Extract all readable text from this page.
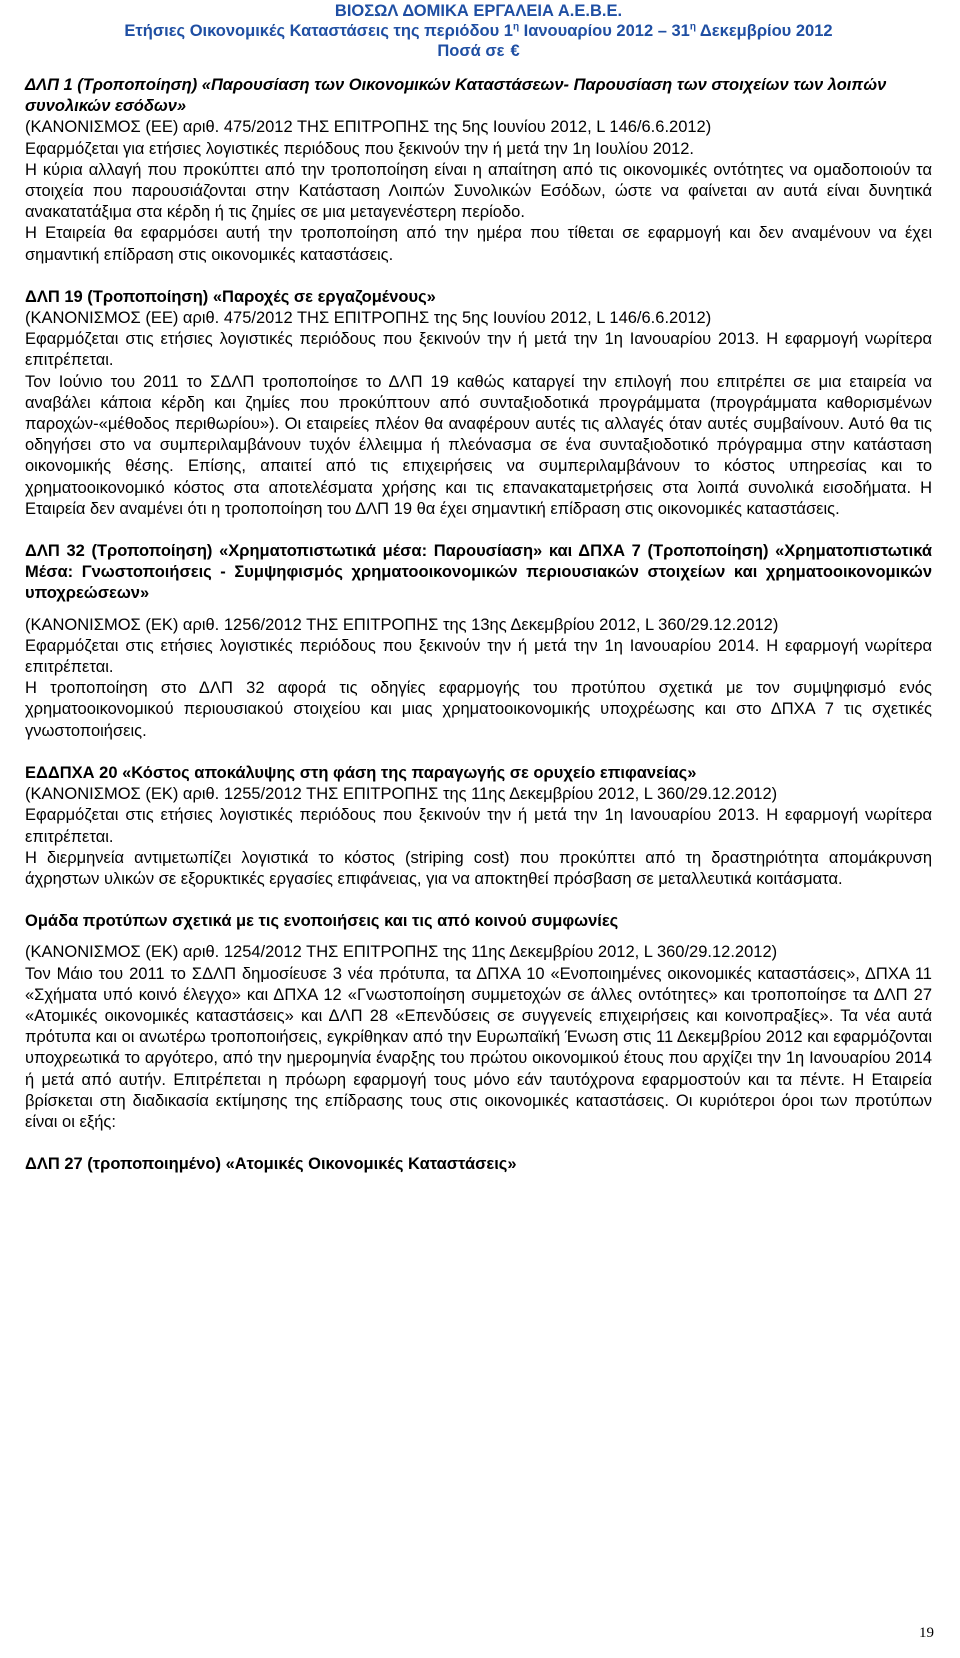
ΒΙΟΣΩΛ ΔΟΜΙΚΑ ΕΡΓΑΛΕΙΑ Α.Ε.Β.Ε.
Ετήσιες Οικονομικές Καταστάσεις της περιόδου $1^\eta$ Ιανουαρίου $2012 - 31^\eta$ Δεκεμβρίου 2012
Ποσά σε €

ΔΛΠ 1 (Τροποποίηση) «Παρουσίαση των Οικονομικών Καταστάσεων- Παρουσίαση των στοιχείων των λοιπών συνολικών εσόδων»

(ΚΑΝΟΝΙΣΜΟΣ (ΕΕ) αριθ. 475/2012 ΤΗΣ ΕΠΙΤΡΟΠΗΣ της 5ης Ιουνίου 2012, L 146/6.6.2012)

Εφαρμόζεται για ετήσιες λογιστικές περιόδους που ξεκινούν την ή μετά την 1η Ιουλίου 2012.

Η κύρια αλλαγή που προκύπτει από την τροποποίηση είναι η απαίτηση από τις οικονομικές οντότητες να ομαδοποιούν τα στοιχεία που παρουσιάζονται στην Κατάσταση Λοιπών Συνολικών Εσόδων, ώστε να φαίνεται αν αυτά είναι δυνητικά ανακατατάξιμα στα κέρδη ή τις ζημίες σε μια μεταγενέστερη περίοδο.

Η Εταιρεία θα εφαρμόσει αυτή την τροποποίηση από την ημέρα που τίθεται σε εφαρμογή και δεν αναμένουν να έχει σημαντική επίδραση στις οικονομικές καταστάσεις.

ΔΛΠ 19 (Τροποποίηση) «Παροχές σε εργαζομένους»

(ΚΑΝΟΝΙΣΜΟΣ (ΕΕ) αριθ. 475/2012 ΤΗΣ ΕΠΙΤΡΟΠΗΣ της 5ης Ιουνίου 2012, L 146/6.6.2012)

Εφαρμόζεται στις ετήσιες λογιστικές περιόδους που ξεκινούν την ή μετά την 1η Ιανουαρίου 2013. Η εφαρμογή νωρίτερα επιτρέπεται.

Τον Ιούνιο του 2011 το ΣΔΛΠ τροποποίησε το ΔΛΠ 19 καθώς καταργεί την επιλογή που επιτρέπει σε μια εταιρεία να αναβάλει κάποια κέρδη και ζημίες που προκύπτουν από συνταξιοδοτικά προγράμματα (προγράμματα καθορισμένων παροχών-«μέθοδος περιθωρίου»). Οι εταιρείες πλέον θα αναφέρουν αυτές τις αλλαγές όταν αυτές συμβαίνουν. Αυτό θα τις οδηγήσει στο να συμπεριλαμβάνουν τυχόν έλλειμμα ή πλεόνασμα σε ένα συνταξιοδοτικό πρόγραμμα στην κατάσταση οικονομικής θέσης. Επίσης, απαιτεί από τις επιχειρήσεις να συμπεριλαμβάνουν το κόστος υπηρεσίας και το χρηματοοικονομικό κόστος στα αποτελέσματα χρήσης και τις επανακαταμετρήσεις στα λοιπά συνολικά εισοδήματα. Η Εταιρεία δεν αναμένει ότι η τροποποίηση του ΔΛΠ 19 θα έχει σημαντική επίδραση στις οικονομικές καταστάσεις.

ΔΛΠ 32 (Τροποποίηση) «Χρηματοπιστωτικά μέσα: Παρουσίαση» και ΔΠΧΑ 7 (Τροποποίηση) «Χρηματοπιστωτικά Μέσα: Γνωστοποιήσεις - Συμψηφισμός χρηματοοικονομικών περιουσιακών στοιχείων και χρηματοοικονομικών υποχρεώσεων»

(ΚΑΝΟΝΙΣΜΟΣ (ΕΚ) αριθ. 1256/2012 ΤΗΣ ΕΠΙΤΡΟΠΗΣ της 13ης Δεκεμβρίου 2012, L 360/29.12.2012)

Εφαρμόζεται στις ετήσιες λογιστικές περιόδους που ξεκινούν την ή μετά την 1η Ιανουαρίου 2014. Η εφαρμογή νωρίτερα επιτρέπεται.

Η τροποποίηση στο ΔΛΠ 32 αφορά τις οδηγίες εφαρμογής του προτύπου σχετικά με τον συμψηφισμό ενός χρηματοοικονομικού περιουσιακού στοιχείου και μιας χρηματοοικονομικής υποχρέωσης και στο ΔΠΧΑ 7 τις σχετικές γνωστοποιήσεις.

ΕΔΔΠΧΑ 20 «Κόστος αποκάλυψης στη φάση της παραγωγής σε ορυχείο επιφανείας»

(ΚΑΝΟΝΙΣΜΟΣ (ΕΚ) αριθ. 1255/2012 ΤΗΣ ΕΠΙΤΡΟΠΗΣ της 11ης Δεκεμβρίου 2012, L 360/29.12.2012)

Εφαρμόζεται στις ετήσιες λογιστικές περιόδους που ξεκινούν την ή μετά την 1η Ιανουαρίου 2013. Η εφαρμογή νωρίτερα επιτρέπεται.

Η διερμηνεία αντιμετωπίζει λογιστικά το κόστος (striping cost) που προκύπτει από τη δραστηριότητα απομάκρυνση άχρηστων υλικών σε εξορυκτικές εργασίες επιφάνειας, για να αποκτηθεί πρόσβαση σε μεταλλευτικά κοιτάσματα.

Ομάδα προτύπων σχετικά με τις ενοποιήσεις και τις από κοινού συμφωνίες

(ΚΑΝΟΝΙΣΜΟΣ (ΕΚ) αριθ. 1254/2012 ΤΗΣ ΕΠΙΤΡΟΠΗΣ της 11ης Δεκεμβρίου 2012, L 360/29.12.2012)

Τον Μάιο του 2011 το ΣΔΛΠ δημοσίευσε 3 νέα πρότυπα, τα ΔΠΧΑ 10 «Ενοποιημένες οικονομικές καταστάσεις», ΔΠΧΑ 11 «Σχήματα υπό κοινό έλεγχο» και ΔΠΧΑ 12 «Γνωστοποίηση συμμετοχών σε άλλες οντότητες» και τροποποίησε τα ΔΛΠ 27 «Ατομικές οικονομικές καταστάσεις» και ΔΛΠ 28 «Επενδύσεις σε συγγενείς επιχειρήσεις και κοινοπραξίες». Τα νέα αυτά πρότυπα και οι ανωτέρω τροποποιήσεις, εγκρίθηκαν από την Ευρωπαϊκή Ένωση στις 11 Δεκεμβρίου 2012 και εφαρμόζονται υποχρεωτικά το αργότερο, από την ημερομηνία έναρξης του πρώτου οικονομικού έτους που αρχίζει την 1η Ιανουαρίου 2014 ή μετά από αυτήν. Επιτρέπεται η πρόωρη εφαρμογή τους μόνο εάν ταυτόχρονα εφαρμοστούν και τα πέντε. Η Εταιρεία βρίσκεται στη διαδικασία εκτίμησης της επίδρασης τους στις οικονομικές καταστάσεις. Οι κυριότεροι όροι των προτύπων είναι οι εξής:

ΔΛΠ 27 (τροποποιημένο) «Ατομικές Οικονομικές Καταστάσεις»

19
